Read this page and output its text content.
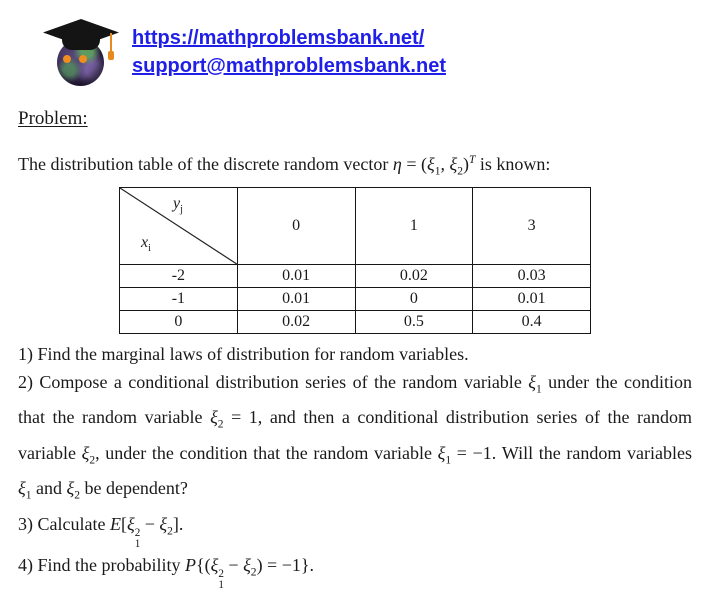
https://mathproblemsbank.net/
support@mathproblemsbank.net
Problem:

The distribution table of the discrete random vector $\eta = (\xi_1$, $\xi_2)^T$ is known:

$y_j$
$x_i$	0	1	3
-2	0.01	0.02	0.03
-1	0.01	0	0.01
0	0.02	0.5	0.4

1) Find the marginal laws of distribution for random variables.

2) Compose a conditional distribution series of the random variable $\xi_1$ under the condition that the random variable $\xi_2 = 1$, and then a conditional distribution series of the random variable $\xi_2$, under the condition that the random variable $\xi_1 = -1$. Will the random variables $\xi_1$ and $\xi_2$ be dependent?

3) Calculate E[ξ 2
1
− $\xi_2$].

4) Find the probability P{(ξ 2
1
− $\xi_2) = -1$}.
